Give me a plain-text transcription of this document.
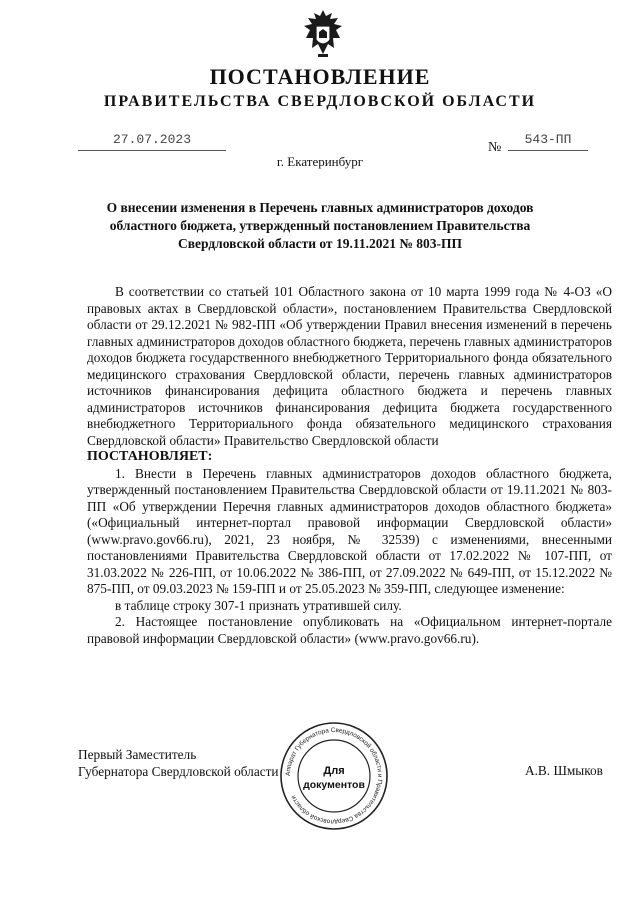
ПОСТАНОВЛЕНИЕ
ПРАВИТЕЛЬСТВА СВЕРДЛОВСКОЙ ОБЛАСТИ
27.07.2023
№
543-ПП
г. Екатеринбург
О внесении изменения в Перечень главных администраторов доходов областного бюджета, утвержденный постановлением Правительства Свердловской области от 19.11.2021 № 803-ПП

В соответствии со статьей 101 Областного закона от 10 марта 1999 года № 4-ОЗ «О правовых актах в Свердловской области», постановлением Правительства Свердловской области от 29.12.2021 № 982-ПП «Об утверждении Правил внесения изменений в перечень главных администраторов доходов областного бюджета, перечень главных администраторов доходов бюджета государственного внебюджетного Территориального фонда обязательного медицинского страхования Свердловской области, перечень главных администраторов источников финансирования дефицита областного бюджета и перечень главных администраторов источников финансирования дефицита бюджета государственного внебюджетного Территориального фонда обязательного медицинского страхования Свердловской области» Правительство Свердловской области

ПОСТАНОВЛЯЕТ:

1. Внести в Перечень главных администраторов доходов областного бюджета, утвержденный постановлением Правительства Свердловской области от 19.11.2021 № 803-ПП «Об утверждении Перечня главных администраторов доходов областного бюджета» («Официальный интернет-портал правовой информации Свердловской области» (www.pravo.gov66.ru), 2021, 23 ноября, № 32539) с изменениями, внесенными постановлениями Правительства Свердловской области от 17.02.2022 № 107-ПП, от 31.03.2022 № 226-ПП, от 10.06.2022 № 386-ПП, от 27.09.2022 № 649-ПП, от 15.12.2022 № 875-ПП, от 09.03.2023 № 159-ПП и от 25.05.2023 № 359-ПП, следующее изменение:

в таблице строку 307-1 признать утратившей силу.

2. Настоящее постановление опубликовать на «Официальном интернет-портале правовой информации Свердловской области» (www.pravo.gov66.ru).

Первый Заместитель
Губернатора Свердловской области	А.В. Шмыков
Аппарат Губернатора Свердловской области и Правительства Свердловской области
Для
документов
